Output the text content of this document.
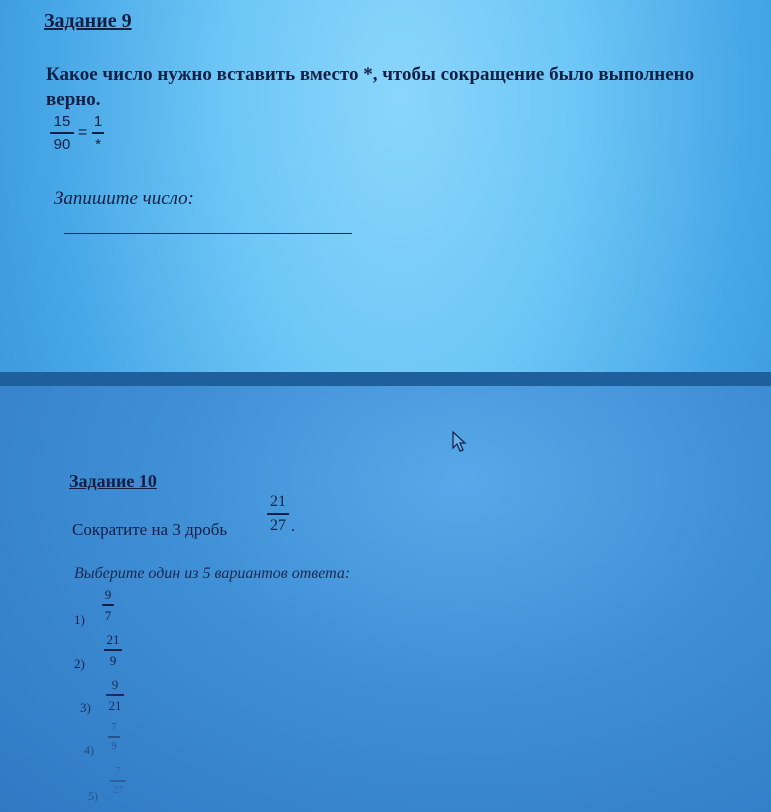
Задание 9
Какое число нужно вставить вместо *, чтобы сокращение было выполнено
верно.
15
90
=
1
*
Запишите число:
Задание 10
Сократите на 3 дробь
21
27 .
Выберите один из 5 вариантов ответа:
1)
9
7
2)
21
9
3)
9
21
4)
7
9
5)
7
27
